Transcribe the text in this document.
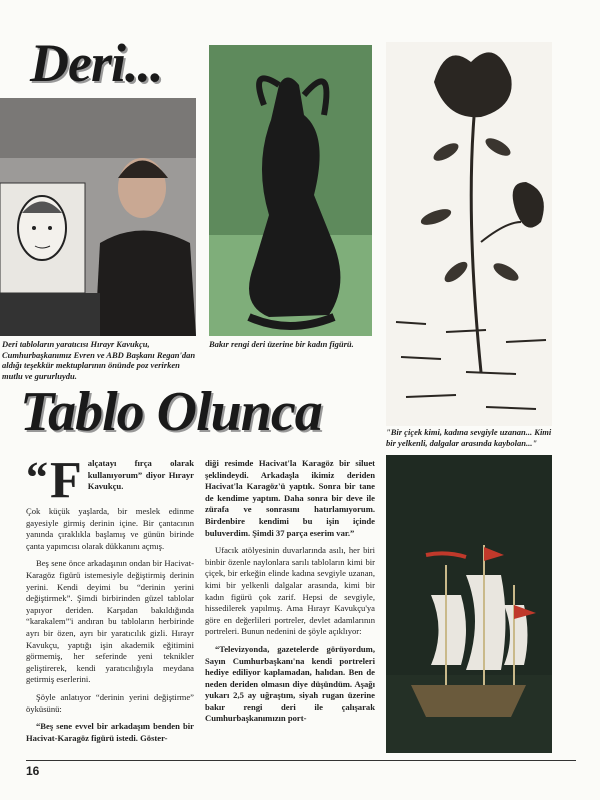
Deri...
Tablo Olunca
Deri tabloların yaratıcısı Hırayr Kavukçu, Cumhurbaşkanımız Evren ve ABD Başkanı Regan'dan aldığı teşekkür mektuplarının önünde poz verirken mutlu ve gururluydu.
Bakır rengi deri üzerine bir kadın figürü.
"Bir çiçek kimi, kadına sevgiyle uzanan... Kimi bir yelkenli, dalgalar arasında kaybolan..."
“ F alçatayı fırça olarak kullanıyorum” diyor Hırayr Kavukçu.

Çok küçük yaşlarda, bir meslek edinme gayesiyle girmiş derinin içine. Bir çantacının yanında çıraklıkla başlamış ve günün birinde çanta yapımcısı olarak dükkanını açmış.

Beş sene önce arkadaşının ondan bir Hacivat-Karagöz figürü istemesiyle değiştirmiş derinin yerini. Kendi deyimi bu “derinin yerini değiştirmek”. Şimdi birbirinden güzel tablolar yapıyor deriden. Karşıdan bakıldığında “karakalem”'i andıran bu tabloların herbirinde ayrı bir özen, ayrı bir yaratıcılık gizli. Hırayr Kavukçu, yaptığı işin akademik eğitimini görmemiş, her seferinde yeni teknikler geliştirerek, kendi yaratıcılığıyla meydana getirmiş eserlerini.

Şöyle anlatıyor “derinin yerini değiştirme” öyküsünü:

“Beş sene evvel bir arkadaşım benden bir Hacivat-Karagöz figürü istedi. Göster-

diği resimde Hacivat'la Karagöz bir siluet şeklindeydi. Arkadaşla ikimiz deriden Hacivat'la Karagöz'ü yaptık. Sonra bir tane de kendime yaptım. Daha sonra bir deve ile zürafa ve sonrasını hatırlamıyorum. Birdenbire kendimi bu işin içinde buluverdim. Şimdi 37 parça eserim var.”

Ufacık atölyesinin duvarlarında asılı, her biri binbir özenle naylonlara sarılı tabloların kimi bir çiçek, bir erkeğin elinde kadına sevgiyle uzanan, kimi bir yelkenli dalgalar arasında, kimi bir kadın figürü çok zarif. Hepsi de sevgiyle, hissedilerek yapılmış. Ama Hırayr Kavukçu'ya göre en değerlileri portreler, devlet adamlarının portreleri. Bunun nedenini de şöyle açıklıyor:

“Televizyonda, gazetelerde görüyordum, Sayın Cumhurbaşkanı'na kendi portreleri hediye ediliyor kaplamadan, halıdan. Ben de neden deriden olmasın diye düşündüm. Aşağı yukarı 2,5 ay uğraştım, siyah rugan üzerine bakır rengi deri ile çalışarak Cumhurbaşkanımızın port-

16
